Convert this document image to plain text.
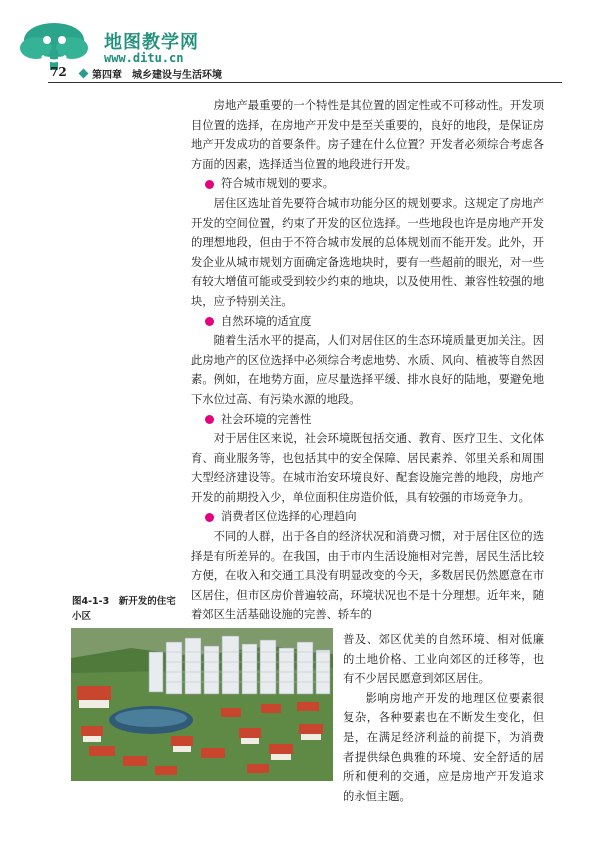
地图教学网
www.ditu.cn
72	第四章　城乡建设与生活环境

房地产最重要的一个特性是其位置的固定性或不可移动性。开发项目位置的选择，在房地产开发中是至关重要的，良好的地段，是保证房地产开发成功的首要条件。房子建在什么位置？开发者必须综合考虑各方面的因素，选择适当位置的地段进行开发。

符合城市规划的要求。

居住区选址首先要符合城市功能分区的规划要求。这规定了房地产开发的空间位置，约束了开发的区位选择。一些地段也许是房地产开发的理想地段，但由于不符合城市发展的总体规划而不能开发。此外，开发企业从城市规划方面确定备选地块时，要有一些超前的眼光，对一些有较大增值可能或受到较少约束的地块，以及使用性、兼容性较强的地块，应予特别关注。

自然环境的适宜度

随着生活水平的提高，人们对居住区的生态环境质量更加关注。因此房地产的区位选择中必须综合考虑地势、水质、风向、植被等自然因素。例如，在地势方面，应尽量选择平缓、排水良好的陆地，要避免地下水位过高、有污染水源的地段。

社会环境的完善性

对于居住区来说，社会环境既包括交通、教育、医疗卫生、文化体育、商业服务等，也包括其中的安全保障、居民素养、邻里关系和周围大型经济建设等。在城市治安环境良好、配套设施完善的地段，房地产开发的前期投入少，单位面积住房造价低，具有较强的市场竞争力。

消费者区位选择的心理趋向

不同的人群，出于各自的经济状况和消费习惯，对于居住区位的选择是有所差异的。在我国，由于市内生活设施相对完善，居民生活比较方便，在收入和交通工具没有明显改变的今天，多数居民仍然愿意在市区居住，但市区房价普遍较高，环境状况也不是十分理想。近年来，随着郊区生活基础设施的完善、轿车的

图4-1-3　新开发的住宅小区

普及、郊区优美的自然环境、相对低廉的土地价格、工业向郊区的迁移等，也有不少居民愿意到郊区居住。

影响房地产开发的地理区位要素很复杂，各种要素也在不断发生变化，但是，在满足经济利益的前提下，为消费者提供绿色典雅的环境、安全舒适的居所和便利的交通，应是房地产开发追求的永恒主题。
